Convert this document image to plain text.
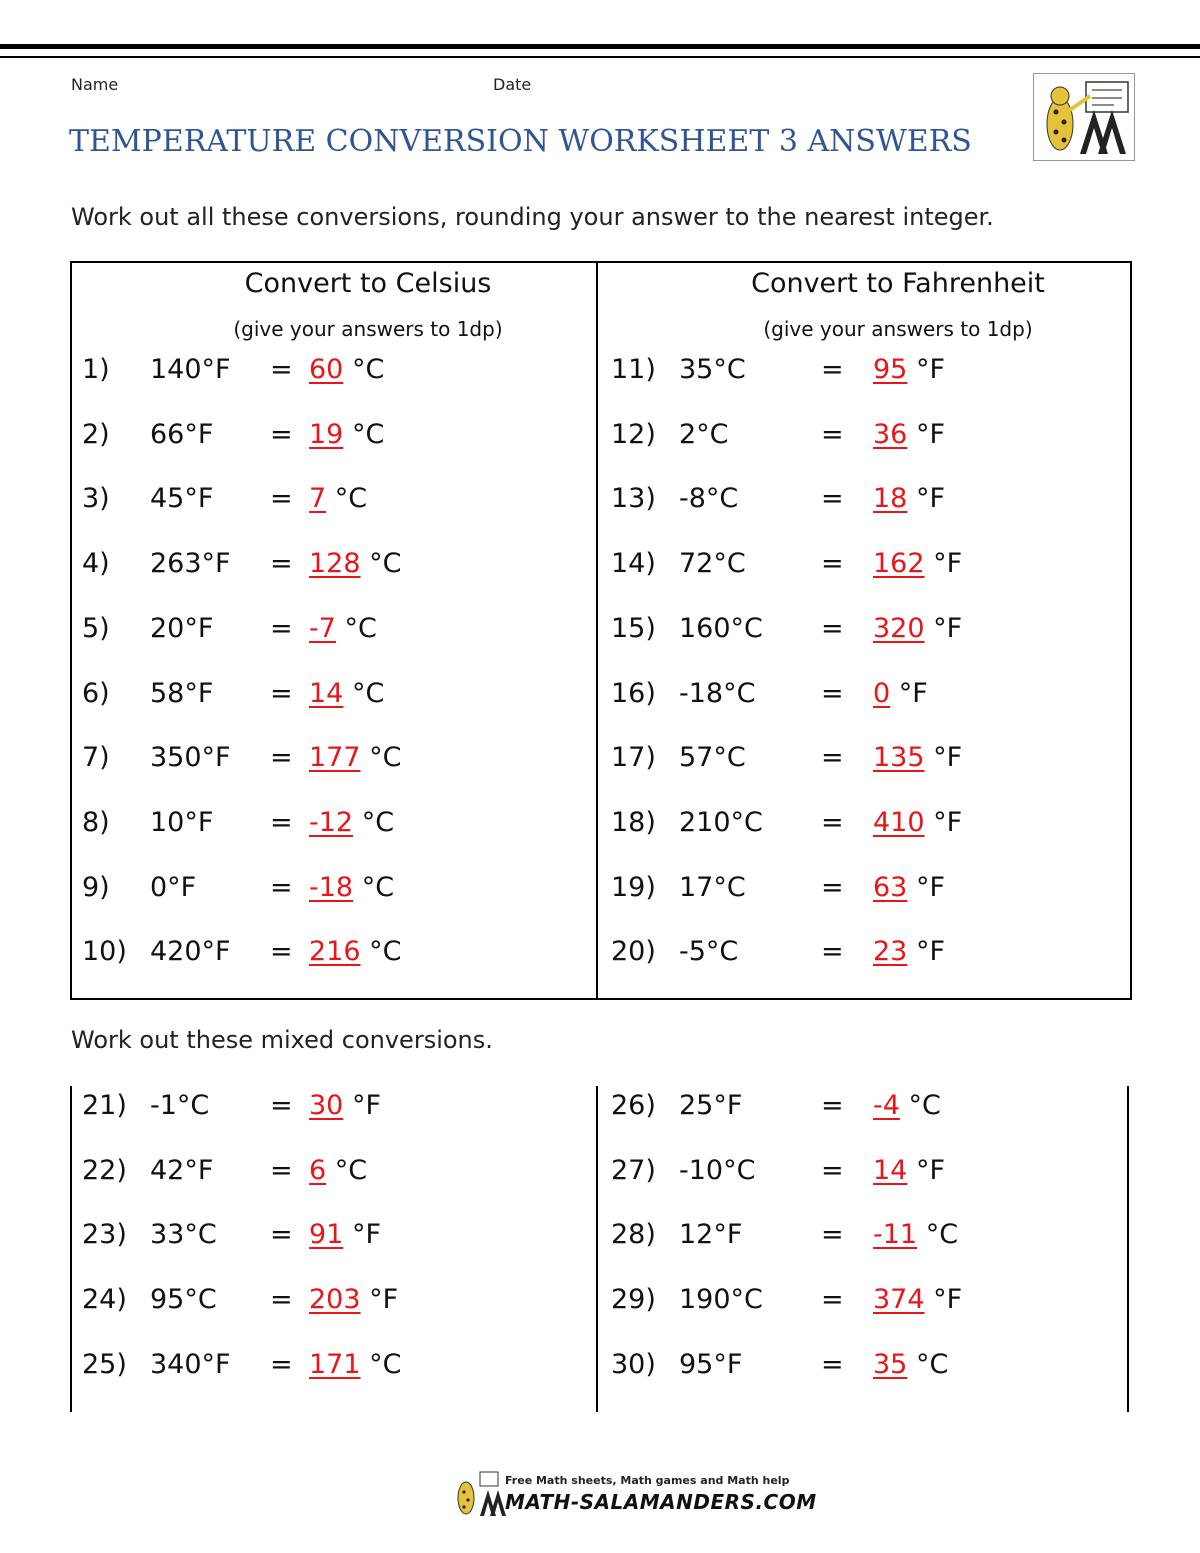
Name	Date
TEMPERATURE CONVERSION WORKSHEET 3 ANSWERS
Work out all these conversions, rounding your answer to the nearest integer.
Convert to Celsius
(give your answers to 1dp)
Convert to Fahrenheit
(give your answers to 1dp)
Work out these mixed conversions.
1) 140°F = 60 °C
2) 66°F = 19 °C
3) 45°F = 7 °C
4) 263°F = 128 °C
5) 20°F = -7 °C
6) 58°F = 14 °C
7) 350°F = 177 °C
8) 10°F = -12 °C
9) 0°F	= -18 °C
10) 420°F = 216 °C
11) 35°C	= 95 °F
12) 2°C	= 36 °F
13) -8°C	= 18 °F
14) 72°C	= 162 °F
15) 160°C = 320 °F
16) -18°C = 0 °F
17) 57°C	= 135 °F
18) 210°C = 410 °F
19) 17°C	= 63 °F
20) -5°C	= 23 °F
21) -1°C = 30 °F
22) 42°F = 6 °C
23) 33°C = 91 °F
24) 95°C = 203 °F
25) 340°F = 171 °C
26) 25°F	= -4 °C
27) -10°C = 14 °F
28) 12°F	= -11 °C
29) 190°C = 374 °F
30) 95°F	= 35 °C
Free Math sheets, Math games and Math help
MATH-SALAMANDERS.COM
